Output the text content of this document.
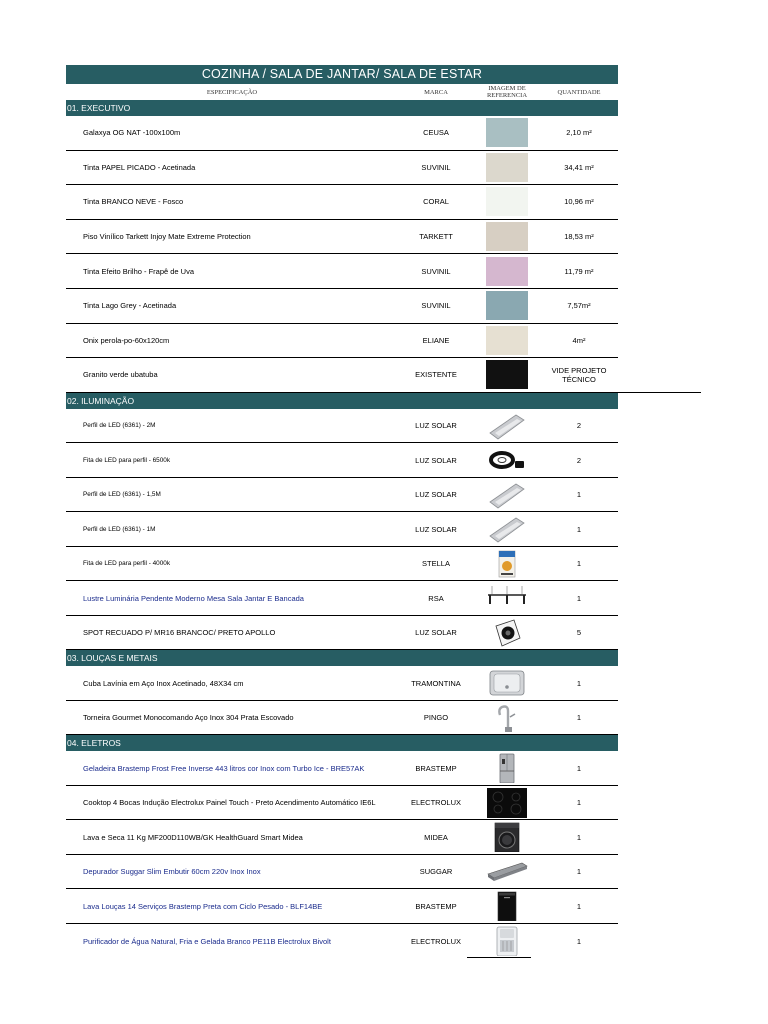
COZINHA / SALA DE JANTAR/ SALA DE ESTAR
ESPECIFICAÇÃO	MARCA	IMAGEM DE REFERENCIA	QUANTIDADE
01. EXECUTIVO
Galaxya OG NAT -100x100m	CEUSA	2,10 m²
Tinta PAPEL PICADO - Acetinada	SUVINIL	34,41 m²
Tinta BRANCO NEVE - Fosco	CORAL	10,96 m²
Piso Vinílico Tarkett Injoy Mate Extreme Protection	TARKETT	18,53 m²
Tinta Efeito Brilho - Frapê de Uva	SUVINIL	11,79 m²
Tinta Lago Grey - Acetinada	SUVINIL	7,57m²
Onix perola-po-60x120cm	ELIANE	4m²
Granito verde ubatuba	EXISTENTE	VIDE PROJETO TÉCNICO
02. ILUMINAÇÃO
Perfil de LED (6361) - 2M	LUZ SOLAR	2
Fita de LED para perfil - 6500k	LUZ SOLAR	2
Perfil de LED (6361) - 1,5M	LUZ SOLAR	1
Perfil de LED (6361) - 1M	LUZ SOLAR	1
Fita de LED para perfil - 4000k	STELLA	1
Lustre Luminária Pendente Moderno Mesa Sala Jantar E Bancada	RSA	1
SPOT RECUADO P/ MR16 BRANCOC/ PRETO APOLLO	LUZ SOLAR	5
03. LOUÇAS E METAIS
Cuba Lavínia em Aço Inox Acetinado, 48X34 cm	TRAMONTINA	1
Torneira Gourmet Monocomando Aço Inox 304 Prata Escovado	PINGO	1
04. ELETROS
Geladeira Brastemp Frost Free Inverse 443 litros cor Inox com Turbo Ice - BRE57AK	BRASTEMP	1
Cooktop 4 Bocas Indução Electrolux Painel Touch - Preto Acendimento Automático IE6L	ELECTROLUX	1
Lava e Seca 11 Kg MF200D110WB/GK HealthGuard Smart Midea	MIDEA	1
Depurador Suggar Slim Embutir 60cm 220v Inox Inox	SUGGAR	1
Lava Louças 14 Serviços Brastemp Preta com Ciclo Pesado - BLF14BE	BRASTEMP	1
Purificador de Água Natural, Fria e Gelada Branco PE11B Electrolux Bivolt	ELECTROLUX	1
